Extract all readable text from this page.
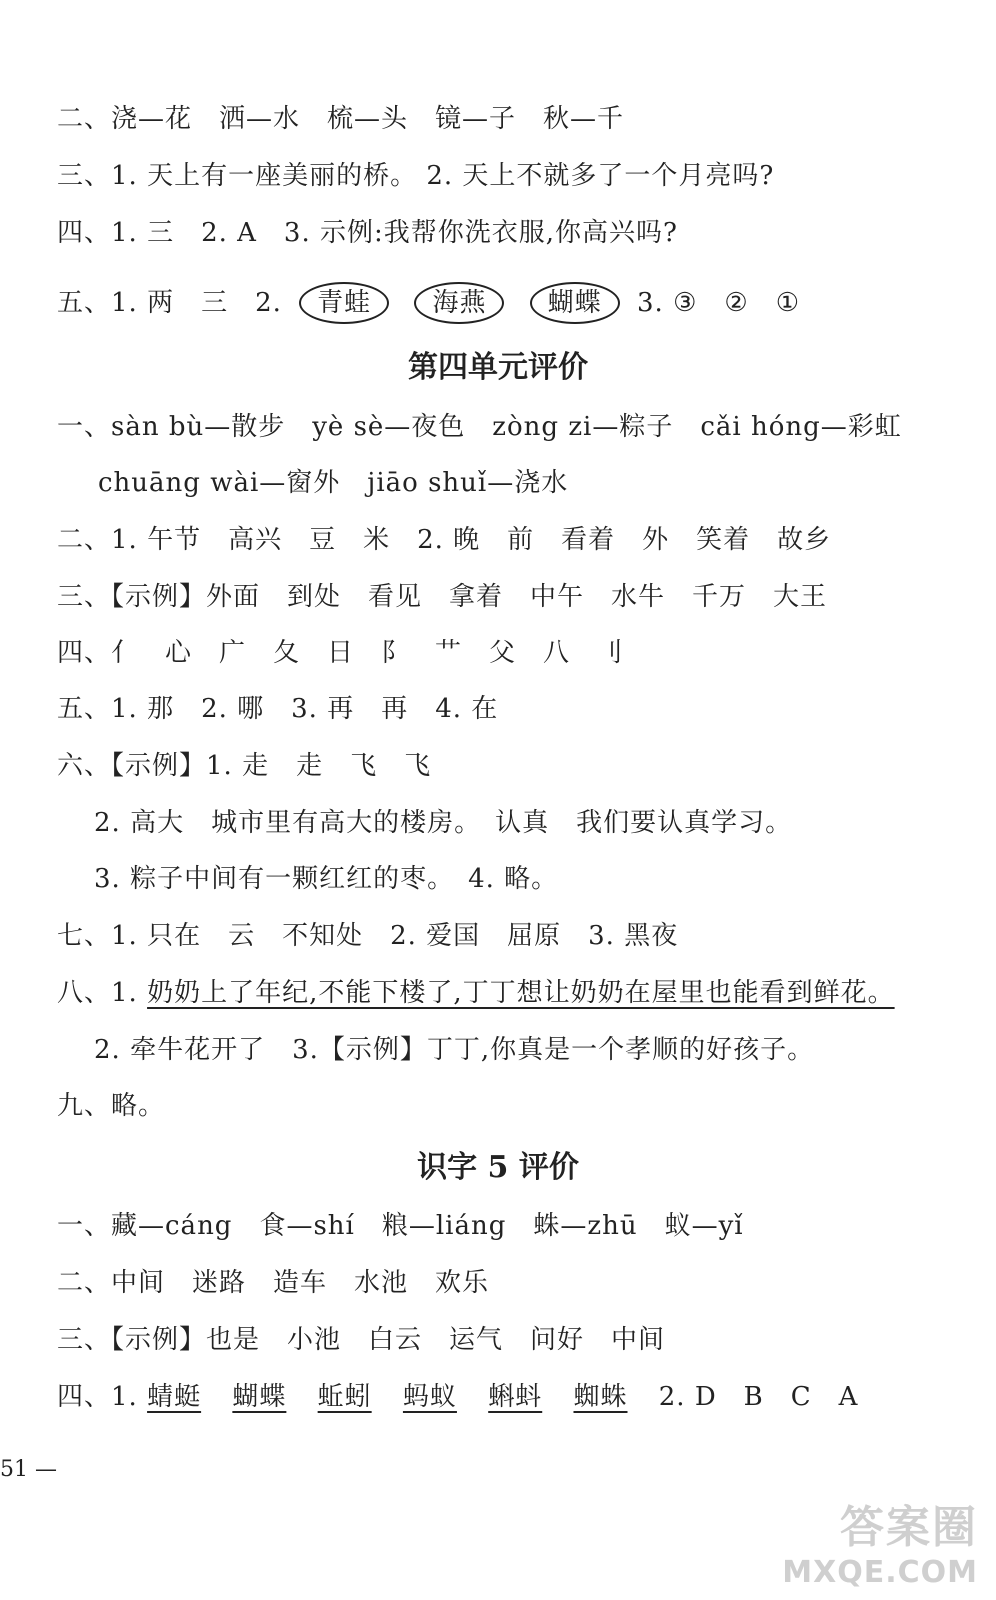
二、浇—花　洒—水　梳—头　镜—子　秋—千
三、1. 天上有一座美丽的桥。 2. 天上不就多了一个月亮吗?
四、1. 三　2. A　3. 示例:我帮你洗衣服,你高兴吗?
五、1. 两　三　2. 青蛙 海燕 蝴蝶 3. ③　②　①
第四单元评价
一、sàn bù—散步　yè sè—夜色　zòng zi—粽子　cǎi hóng—彩虹
chuāng wài—窗外　jiāo shuǐ—浇水
二、1. 午节　高兴　豆　米　2. 晚　前　看着　外　笑着　故乡
三、【示例】外面　到处　看见　拿着　中午　水牛　千万　大王
四、亻　心　广　夂　日　阝　艹　父　八　刂
五、1. 那　2. 哪　3. 再　再　4. 在
六、【示例】1. 走　走　飞　飞
2. 高大　城市里有高大的楼房。　认真　我们要认真学习。
3. 粽子中间有一颗红红的枣。　4. 略。
七、1. 只在　云　不知处　2. 爱国　屈原　3. 黑夜
八、1. 奶奶上了年纪,不能下楼了,丁丁想让奶奶在屋里也能看到鲜花。
2. 牵牛花开了　3.【示例】丁丁,你真是一个孝顺的好孩子。
九、略。
识字 5 评价
一、藏—cáng　食—shí　粮—liáng　蛛—zhū　蚁—yǐ
二、中间　迷路　造车　水池　欢乐
三、【示例】也是　小池　白云　运气　问好　中间
四、1. 蜻蜓 蝴蝶 蚯蚓 蚂蚁 蝌蚪 蜘蛛 2. D　B　C　A
51 —
答案圈
MXQE.COM
